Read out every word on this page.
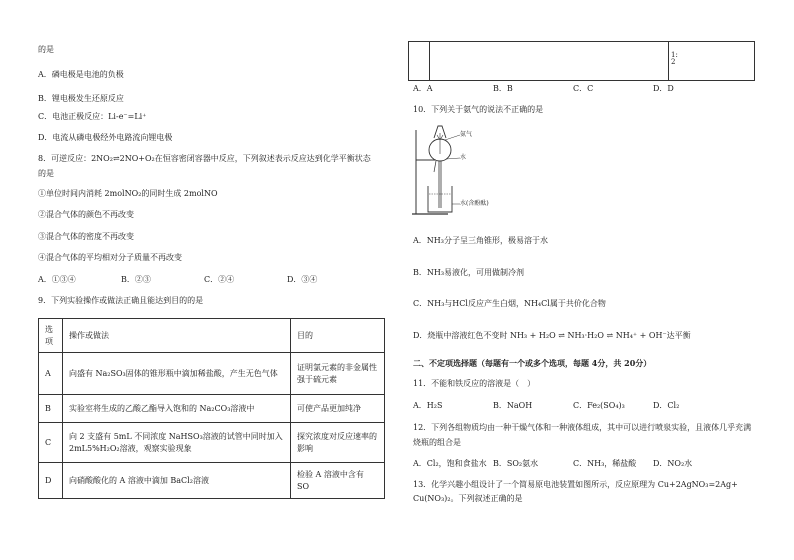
的是
A．磷电极是电池的负极
B．锂电极发生还原反应
C．电池正极反应：Li-e⁻=Li⁺
D．电流从磷电极经外电路流向锂电极
8．可逆反应：2NO₂⇌2NO+O₂在恒容密闭容器中反应，下列叙述表示反应达到化学平衡状态
的是
①单位时间内消耗 2molNO₂的同时生成 2molNO
②混合气体的颜色不再改变
③混合气体的密度不再改变
④混合气体的平均相对分子质量不再改变
A．①③④	B．②③	C．②④	D．③④
9．下列实验操作或做法正确且能达到目的的是
选项	操作或做法	目的
A	向盛有 Na₂SO₃固体的锥形瓶中滴加稀盐酸，产生无色气体	证明氯元素的非金属性强于硫元素
B	实验室将生成的乙酸乙酯导入饱和的 Na₂CO₃溶液中	可使产品更加纯净
C	向 2 支盛有 5mL 不同浓度 NaHSO₃溶液的试管中同时加入 2mL5%H₂O₂溶液，观察实验现象	探究浓度对反应速率的影响
D	向硝酸酸化的 A 溶液中滴加 BaCl₂溶液	检验 A 溶液中含有 SO
1:
2
A．A	B．B	C．C	D．D
10．下列关于氨气的说法不正确的是
氨气
水
水(含酚酞)
A．NH₃分子呈三角锥形，极易溶于水
B．NH₃易液化，可用做制冷剂
C．NH₃与HCl反应产生白烟，NH₄Cl属于共价化合物
D．烧瓶中溶液红色不变时 NH₃ + H₂O ⇌ NH₃·H₂O ⇌ NH₄⁺ + OH⁻达平衡
二、不定项选择题（每题有一个或多个选项，每题 4分，共 20分）
11．不能和铁反应的溶液是（　）
A．H₂S	B．NaOH	C．Fe₂(SO₄)₃	D．Cl₂
12．下列各组物质均由一种干燥气体和一种液体组成，其中可以进行喷泉实验，且液体几乎充满
烧瓶的组合是
A．Cl₂，饱和食盐水 B．SO₂氨水	C．NH₃，稀盐酸 D．NO₂水
13．化学兴趣小组设计了一个简易原电池装置如图所示，反应原理为 Cu+2AgNO₃=2Ag+
Cu(NO₃)₂。下列叙述正确的是
